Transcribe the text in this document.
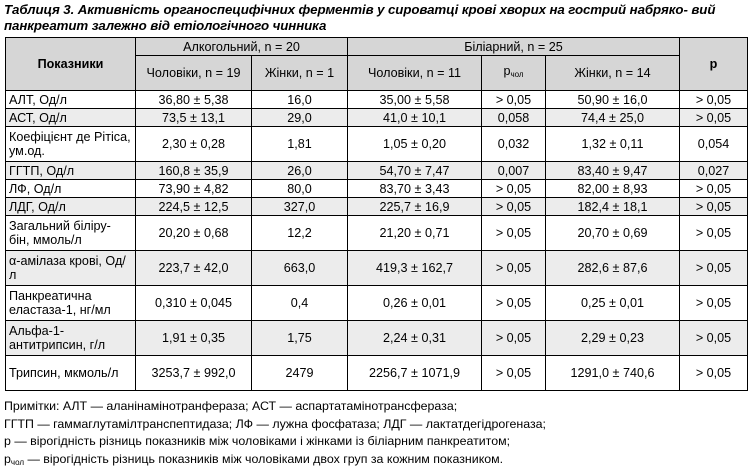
Таблиця 3. Активність органоспецифічних ферментів у сироватці крові хворих на гострий набряко- вий панкреатит залежно від етіологічного чинника
Показники	Алкогольний, n = 20		Біліарний, n = 25			p
	Чоловіки, n = 19	Жінки, n = 1	Чоловіки, n = 11	$р_{чол}$	Жінки, n = 14	
АЛТ, Од/л	36,80 ± 5,38	16,0	35,00 ± 5,58	> 0,05	50,90 ± 16,0	> 0,05
АСТ, Од/л	73,5 ± 13,1	29,0	41,0 ± 10,1	0,058	74,4 ± 25,0	> 0,05
Коефіцієнт де Рітіса, ум.од.	2,30 ± 0,28	1,81	1,05 ± 0,20	0,032	1,32 ± 0,11	0,054
ГГТП, Од/л	160,8 ± 35,9	26,0	54,70 ± 7,47	0,007	83,40 ± 9,47	0,027
ЛФ, Од/л	73,90 ± 4,82	80,0	83,70 ± 3,43	> 0,05	82,00 ± 8,93	> 0,05
ЛДГ, Од/л	224,5 ± 12,5	327,0	225,7 ± 16,9	> 0,05	182,4 ± 18,1	> 0,05
Загальний білiру- бін, ммоль/л	20,20 ± 0,68	12,2	21,20 ± 0,71	> 0,05	20,70 ± 0,69	> 0,05
α-амілаза крові, Од/л	223,7 ± 42,0	663,0	419,3 ± 162,7	> 0,05	282,6 ± 87,6	> 0,05
Панкреатична еластаза-1, нг/мл	0,310 ± 0,045	0,4	0,26 ± 0,01	> 0,05	0,25 ± 0,01	> 0,05
Альфа-1- антитрипсин, г/л	1,91 ± 0,35	1,75	2,24 ± 0,31	> 0,05	2,29 ± 0,23	> 0,05
Трипсин, мкмоль/л	3253,7 ± 992,0	2479	2256,7 ± 1071,9	> 0,05	1291,0 ± 740,6	> 0,05
Примітки: АЛТ — аланінамінотранфераза; АСТ — аспартатамінотрансфераза;
ГГТП — гаммаглутамілтранспептидаза; ЛФ — лужна фосфатаза; ЛДГ — лактатдегідрогеназа;
р — вірогідність різниць показників між чоловіками і жінками із біліарним панкреатитом;
$р_{чол}$ — вірогідність різниць показників між чоловіками двох груп за кожним показником.
